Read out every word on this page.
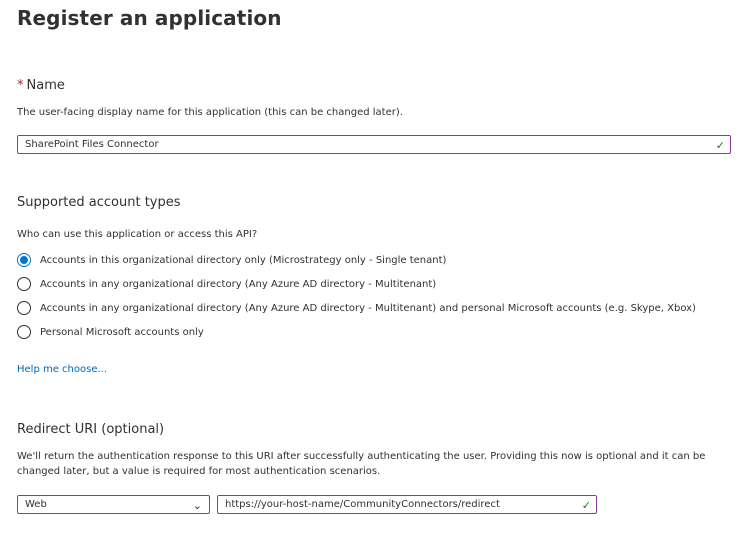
Register an application
* Name
The user-facing display name for this application (this can be changed later).
SharePoint Files Connector	✓
Supported account types
Who can use this application or access this API?
Accounts in this organizational directory only (Microstrategy only - Single tenant)
Accounts in any organizational directory (Any Azure AD directory - Multitenant)
Accounts in any organizational directory (Any Azure AD directory - Multitenant) and personal Microsoft accounts (e.g. Skype, Xbox)
Personal Microsoft accounts only
Help me choose...
Redirect URI (optional)
We'll return the authentication response to this URI after successfully authenticating the user. Providing this now is optional and it can be
changed later, but a value is required for most authentication scenarios.
Web	⌄	https://your-host-name/CommunityConnectors/redirect	✓
